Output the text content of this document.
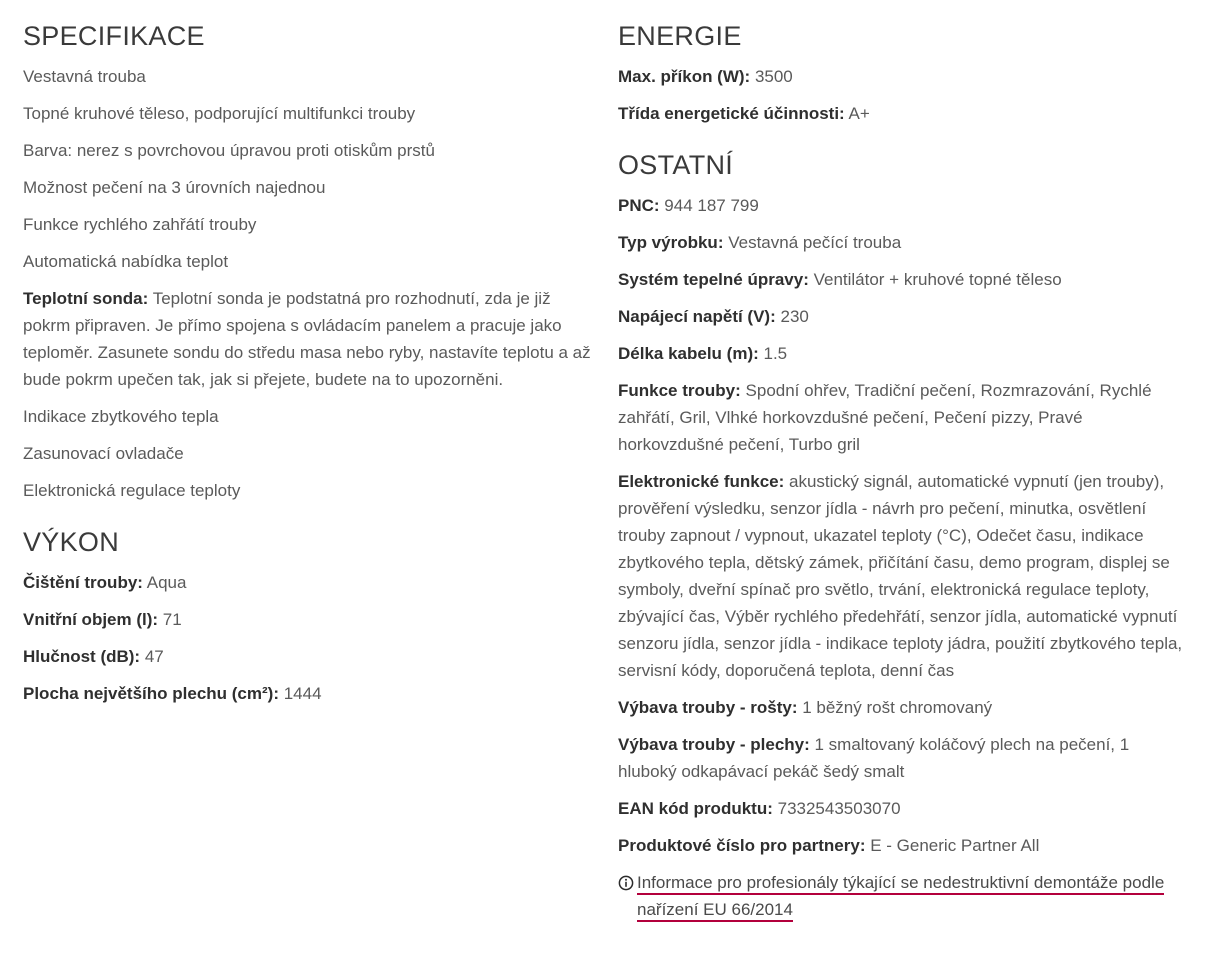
SPECIFIKACE
Vestavná trouba
Topné kruhové těleso, podporující multifunkci trouby
Barva: nerez s povrchovou úpravou proti otiskům prstů
Možnost pečení na 3 úrovních najednou
Funkce rychlého zahřátí trouby
Automatická nabídka teplot
Teplotní sonda: Teplotní sonda je podstatná pro rozhodnutí, zda je již pokrm připraven. Je přímo spojena s ovládacím panelem a pracuje jako teploměr. Zasunete sondu do středu masa nebo ryby, nastavíte teplotu a až bude pokrm upečen tak, jak si přejete, budete na to upozorněni.
Indikace zbytkového tepla
Zasunovací ovladače
Elektronická regulace teploty
VÝKON
Čištění trouby: Aqua
Vnitřní objem (l): 71
Hlučnost (dB): 47
Plocha největšího plechu (cm²): 1444
ENERGIE
Max. příkon (W): 3500
Třída energetické účinnosti: A+
OSTATNÍ
PNC: 944 187 799
Typ výrobku: Vestavná pečící trouba
Systém tepelné úpravy: Ventilátor + kruhové topné těleso
Napájecí napětí (V): 230
Délka kabelu (m): 1.5
Funkce trouby: Spodní ohřev, Tradiční pečení, Rozmrazování, Rychlé zahřátí, Gril, Vlhké horkovzdušné pečení, Pečení pizzy, Pravé horkovzdušné pečení, Turbo gril
Elektronické funkce: akustický signál, automatické vypnutí (jen trouby), prověření výsledku, senzor jídla - návrh pro pečení, minutka, osvětlení trouby zapnout / vypnout, ukazatel teploty (°C), Odečet času, indikace zbytkového tepla, dětský zámek, přičítání času, demo program, displej se symboly, dveřní spínač pro světlo, trvání, elektronická regulace teploty, zbývající čas, Výběr rychlého předehřátí, senzor jídla, automatické vypnutí senzoru jídla, senzor jídla - indikace teploty jádra, použití zbytkového tepla, servisní kódy, doporučená teplota, denní čas
Výbava trouby - rošty: 1 běžný rošt chromovaný
Výbava trouby - plechy: 1 smaltovaný koláčový plech na pečení, 1 hluboký odkapávací pekáč šedý smalt
EAN kód produktu: 7332543503070
Produktové číslo pro partnery: E - Generic Partner All
Informace pro profesionály týkající se nedestruktivní demontáže podle nařízení EU 66/2014
